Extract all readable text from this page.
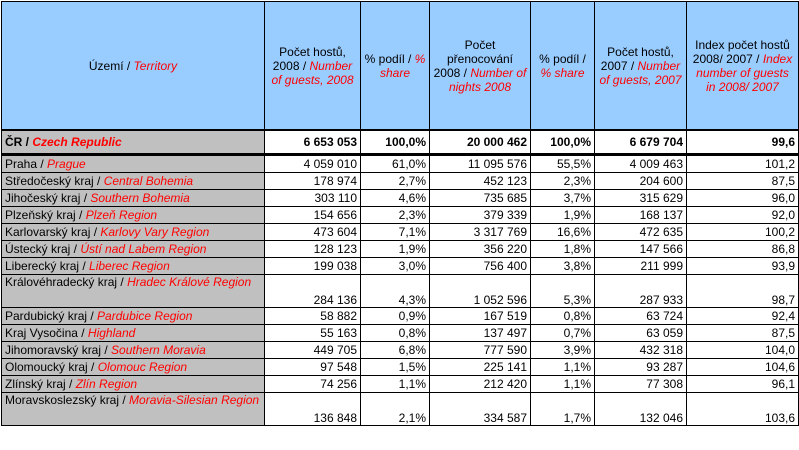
Území / Territory	Počet hostů, 2008 / Number of guests, 2008	% podíl / % share	Počet přenocování 2008 / Number of nights 2008	% podíl / % share	Počet hostů, 2007 / Number of guests, 2007	Index počet hostů 2008/ 2007 / Index number of guests in 2008/ 2007
ČR / Czech Republic	6 653 053	100,0%	20 000 462	100,0%	6 679 704	99,6
Praha / Prague	4 059 010	61,0%	11 095 576	55,5%	4 009 463	101,2
Středočeský kraj / Central Bohemia	178 974	2,7%	452 123	2,3%	204 600	87,5
Jihočeský kraj / Southern Bohemia	303 110	4,6%	735 685	3,7%	315 629	96,0
Plzeňský kraj / Plzeň Region	154 656	2,3%	379 339	1,9%	168 137	92,0
Karlovarský kraj / Karlovy Vary Region	473 604	7,1%	3 317 769	16,6%	472 635	100,2
Ústecký kraj / Ústí nad Labem Region	128 123	1,9%	356 220	1,8%	147 566	86,8
Liberecký kraj / Liberec Region	199 038	3,0%	756 400	3,8%	211 999	93,9
Královéhradecký kraj / Hradec Králové Region	284 136	4,3%	1 052 596	5,3%	287 933	98,7
Pardubický kraj / Pardubice Region	58 882	0,9%	167 519	0,8%	63 724	92,4
Kraj Vysočina / Highland	55 163	0,8%	137 497	0,7%	63 059	87,5
Jihomoravský kraj / Southern Moravia	449 705	6,8%	777 590	3,9%	432 318	104,0
Olomoucký kraj / Olomouc Region	97 548	1,5%	225 141	1,1%	93 287	104,6
Zlínský kraj / Zlín Region	74 256	1,1%	212 420	1,1%	77 308	96,1
Moravskoslezský kraj / Moravia-Silesian Region	136 848	2,1%	334 587	1,7%	132 046	103,6
